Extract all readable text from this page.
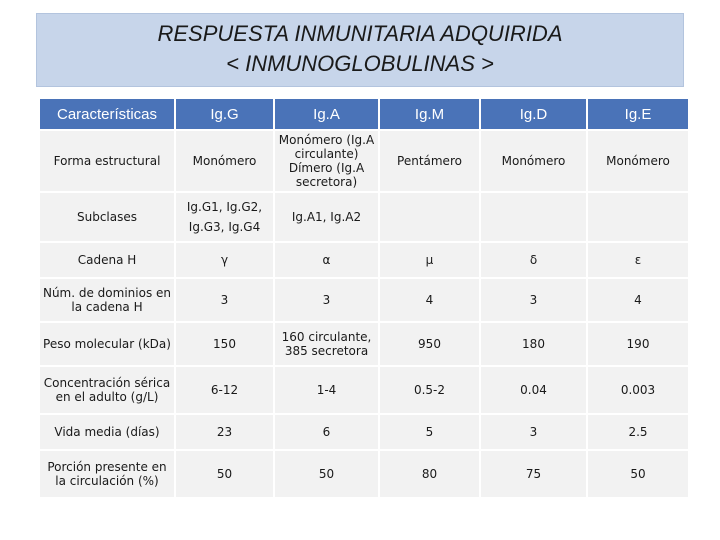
RESPUESTA INMUNITARIA ADQUIRIDA
< INMUNOGLOBULINAS >
Características	Ig.G	Ig.A	Ig.M	Ig.D	Ig.E
Forma estructural	Monómero	Monómero (Ig.A circulante) Dímero (Ig.A secretora)	Pentámero	Monómero	Monómero
Subclases	Ig.G1, Ig.G2, Ig.G3, Ig.G4	Ig.A1, Ig.A2			
Cadena H	γ	α	μ	δ	ε
Núm. de dominios en la cadena H	3	3	4	3	4
Peso molecular (kDa)	150	160 circulante, 385 secretora	950	180	190
Concentración sérica en el adulto (g/L)	6-12	1-4	0.5-2	0.04	0.003
Vida media (días)	23	6	5	3	2.5
Porción presente en la circulación (%)	50	50	80	75	50
